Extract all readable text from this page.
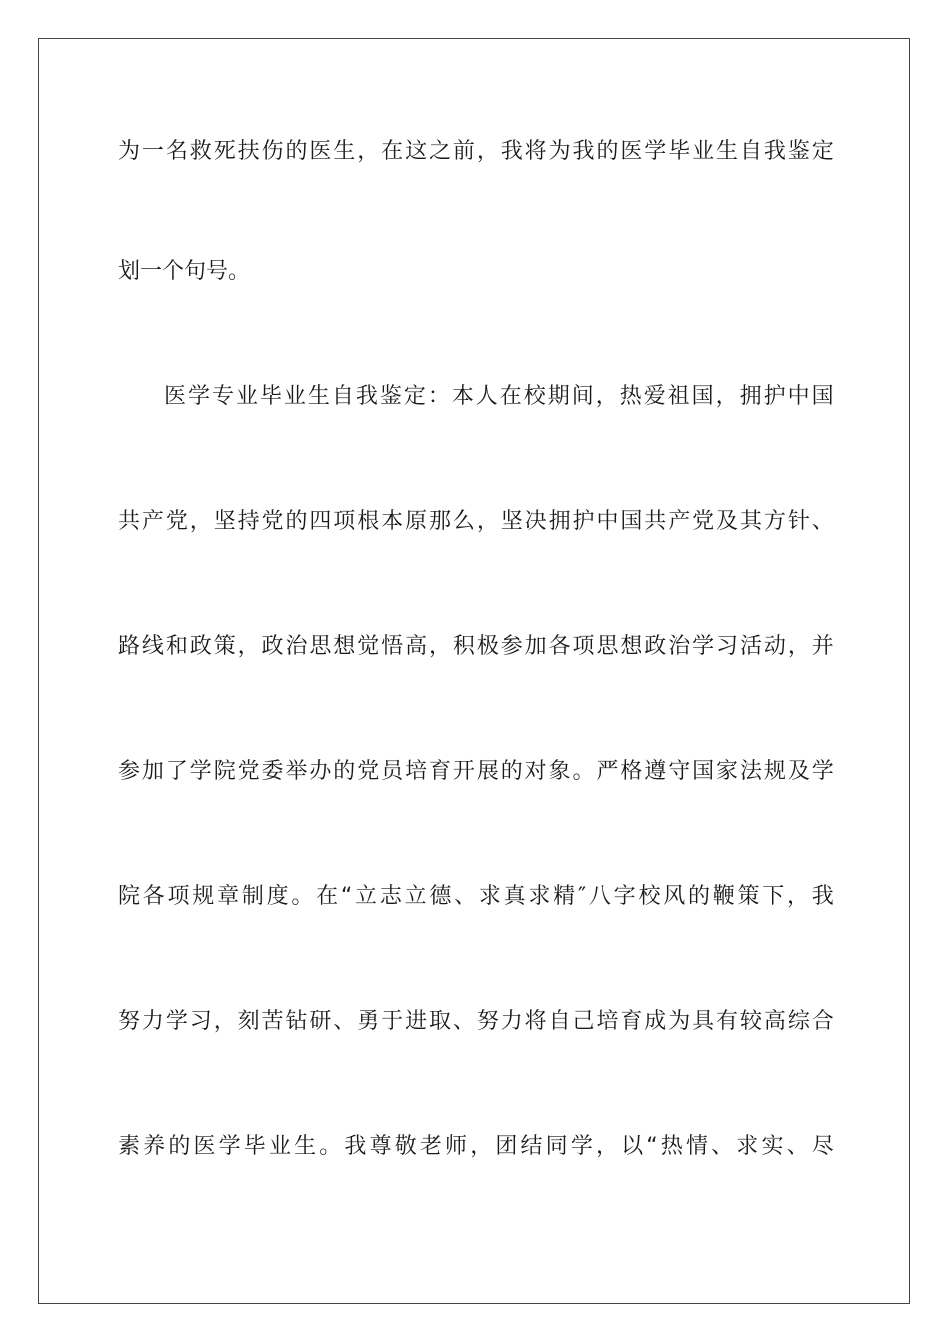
为 一 名 救 死 扶 伤 的 医 生 ， 在 这 之 前 ， 我 将 为 我 的 医 学 毕 业 生 自 我 鉴 定
划一个句号。
医 学 专 业 毕 业 生 自 我 鉴 定 ： 本 人 在 校 期 间 ， 热 爱 祖 国 ， 拥 护 中 国
共 产 党 ， 坚 持 党 的 四 项 根 本 原 那 么 ， 坚 决 拥 护 中 国 共 产 党 及 其 方 针 、
路 线 和 政 策 ， 政 治 思 想 觉 悟 高 ， 积 极 参 加 各 项 思 想 政 治 学 习 活 动 ， 并
参 加 了 学 院 党 委 举 办 的 党 员 培 育 开 展 的 对 象 。 严 格 遵 守 国 家 法 规 及 学
院 各 项 规 章 制 度 。 在 “ 立 志 立 德 、 求 真 求 精 ″ 八 字 校 风 的 鞭 策 下 ， 我
努 力 学 习 ， 刻 苦 钻 研 、 勇 于 进 取 、 努 力 将 自 己 培 育 成 为 具 有 较 高 综 合
素 养 的 医 学 毕 业 生 。 我 尊 敬 老 师 ， 团 结 同 学 ， 以 “ 热 情 、 求 实 、 尽
